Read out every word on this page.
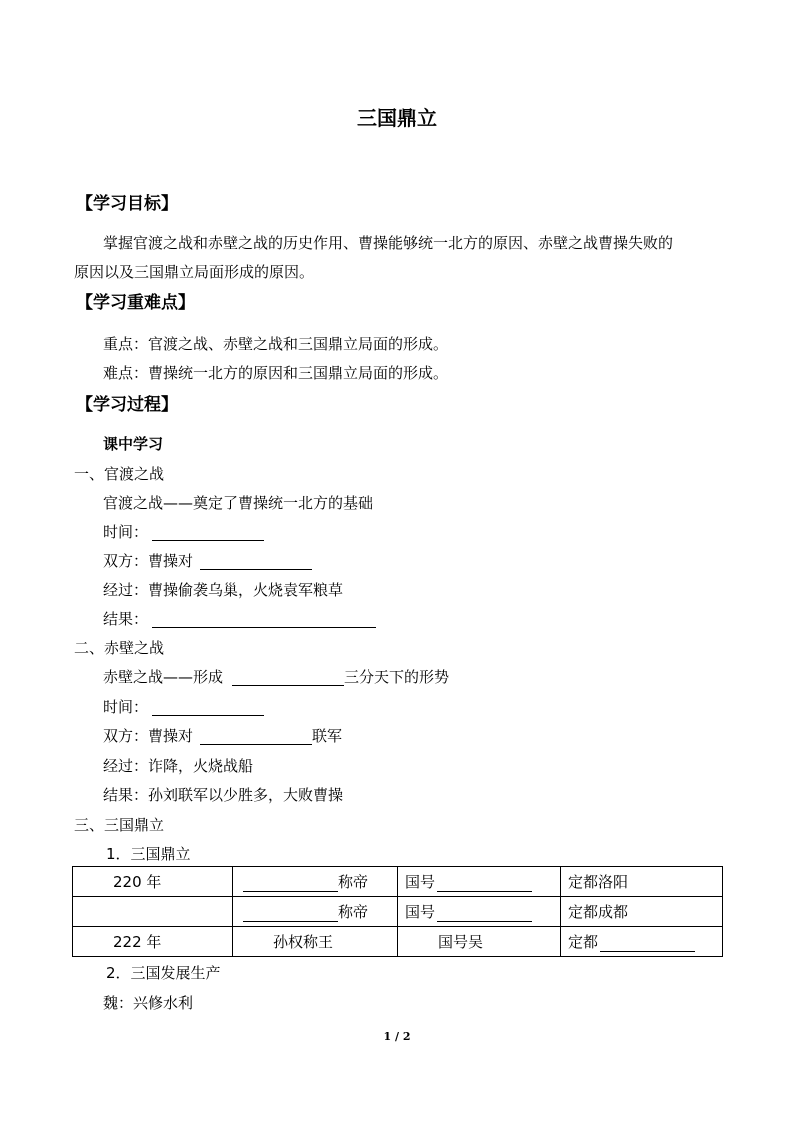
三国鼎立
【学习目标】
掌握官渡之战和赤壁之战的历史作用、曹操能够统一北方的原因、赤壁之战曹操失败的
原因以及三国鼎立局面形成的原因。
【学习重难点】
重点：官渡之战、赤壁之战和三国鼎立局面的形成。
难点：曹操统一北方的原因和三国鼎立局面的形成。
【学习过程】
课中学习
一、官渡之战
官渡之战——奠定了曹操统一北方的基础
时间：
双方：曹操对
经过：曹操偷袭乌巢，火烧袁军粮草
结果：
二、赤壁之战
赤壁之战——形成	三分天下的形势
时间：
双方：曹操对	联军
经过：诈降，火烧战船
结果：孙刘联军以少胜多，大败曹操
三、三国鼎立
1．三国鼎立
220 年	称帝	国号	定都洛阳

	称帝	国号	定都成都

222 年	孙权称王	国号吴	定都
2．三国发展生产
魏：兴修水利
1 / 2
